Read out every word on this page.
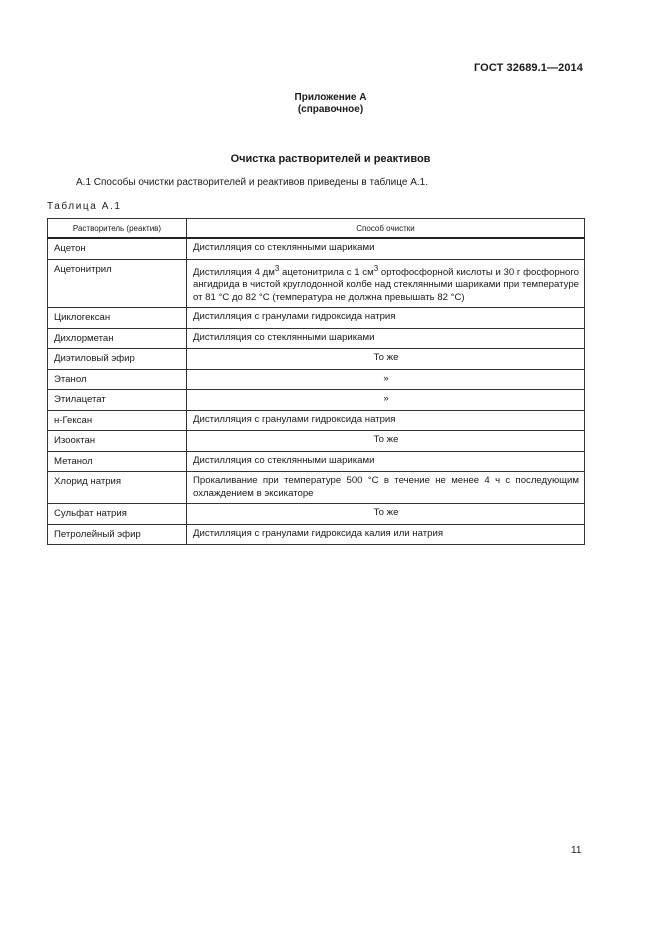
ГОСТ 32689.1—2014
Приложение А
(справочное)
Очистка растворителей и реактивов
А.1 Способы очистки растворителей и реактивов приведены в таблице А.1.
Таблица А.1
Растворитель (реактив)	Способ очистки
Ацетон	Дистилляция со стеклянными шариками
Ацетонитрил	Дистилляция 4 $дм^3$ ацетонитрила с 1 $см^3$ ортофосфорной кислоты и 30 г фосфорного ангидрида в чистой круглодонной колбе над стеклянными шариками при температуре от 81 °С до 82 °С (температура не должна превышать 82 °С)
Циклогексан	Дистилляция с гранулами гидроксида натрия
Дихлорметан	Дистилляция со стеклянными шариками
Диэтиловый эфир	То же
Этанол	»
Этилацетат	»
н-Гексан	Дистилляция с гранулами гидроксида натрия
Изооктан	То же
Метанол	Дистилляция со стеклянными шариками
Хлорид натрия	Прокаливание при температуре 500 °С в течение не менее 4 ч с последующим охлаждением в эксикаторе
Сульфат натрия	То же
Петролейный эфир	Дистилляция с гранулами гидроксида калия или натрия
11
